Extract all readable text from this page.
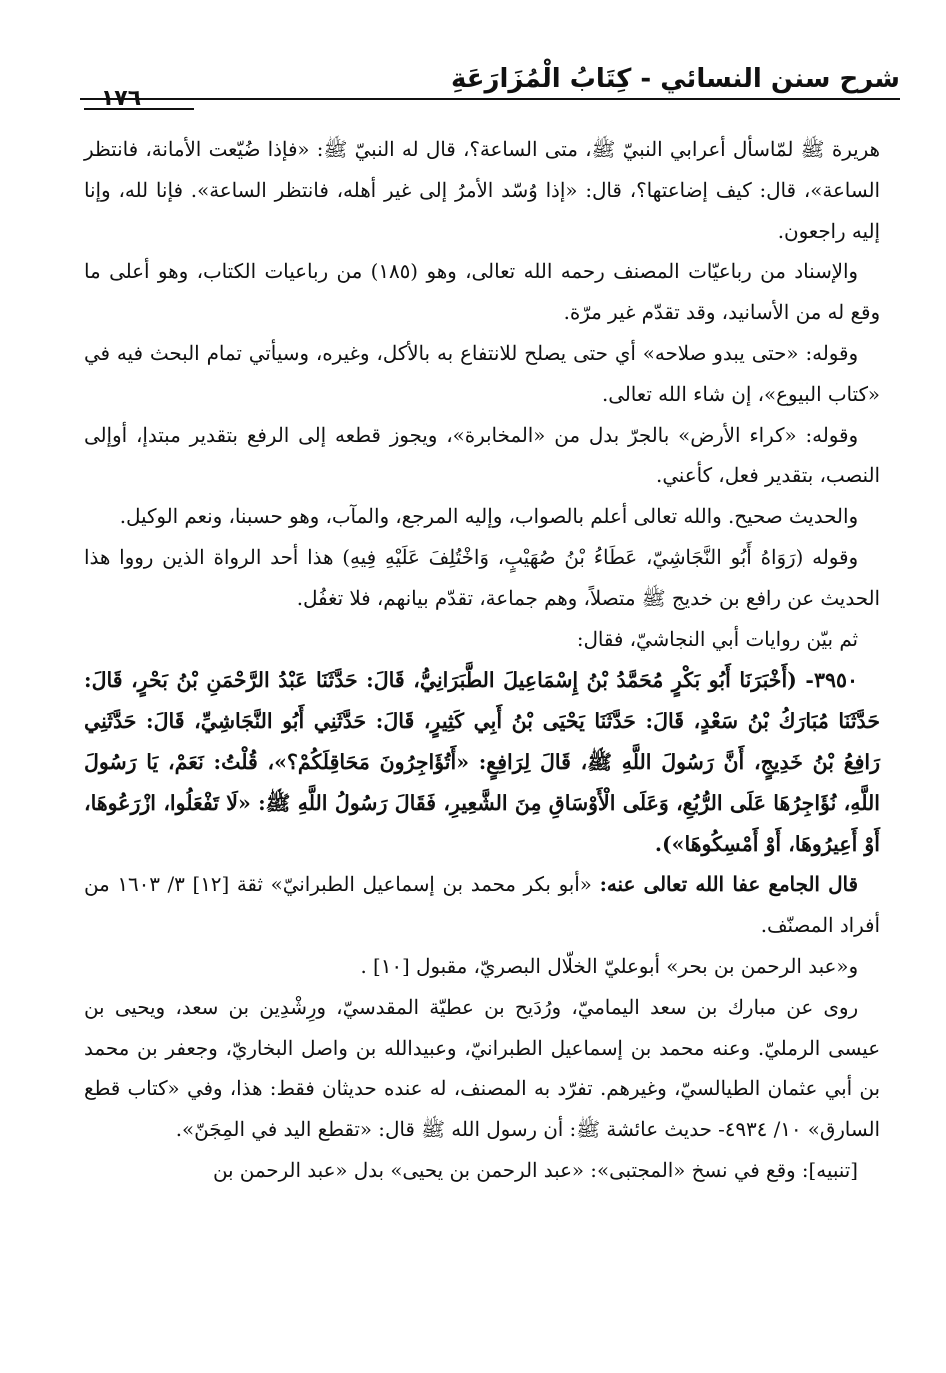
شرح سنن النسائي - كِتَابُ الْمُزَارَعَةِ
١٧٦

هريرة ﷺ لمّاسأل أعرابي النبيّ ﷺ، متى الساعة؟، قال له النبيّ ﷺ: «فإذا ضُيّعت الأمانة، فانتظر الساعة»، قال: كيف إضاعتها؟، قال: «إذا وُسّد الأمرُ إلى غير أهله، فانتظر الساعة». فإنا لله، وإنا إليه راجعون.

والإسناد من رباعيّات المصنف رحمه الله تعالى، وهو (١٨٥) من رباعيات الكتاب، وهو أعلى ما وقع له من الأسانيد، وقد تقدّم غير مرّة.

وقوله: «حتى يبدو صلاحه» أي حتى يصلح للانتفاع به بالأكل، وغيره، وسيأتي تمام البحث فيه في «كتاب البيوع»، إن شاء الله تعالى.

وقوله: «كراء الأرض» بالجرّ بدل من «المخابرة»، ويجوز قطعه إلى الرفع بتقدير مبتدإ، أوإلى النصب، بتقدير فعل، كأعني.

والحديث صحيح. والله تعالى أعلم بالصواب، وإليه المرجع، والمآب، وهو حسبنا، ونعم الوكيل.

وقوله (رَوَاهُ أَبُو النَّجَاشِيّ، عَطَاءُ بْنُ صُهَيْبٍ، وَاخْتُلِفَ عَلَيْهِ فِيهِ) هذا أحد الرواة الذين رووا هذا الحديث عن رافع بن خديج ﷺ متصلاً، وهم جماعة، تقدّم بيانهم، فلا تغفُل.

ثم بيّن روايات أبي النجاشيّ، فقال:

٣٩٥٠- (أَخْبَرَنَا أَبُو بَكْرٍ مُحَمَّدُ بْنُ إِسْمَاعِيلَ الطَّبَرَانِيُّ، قَالَ: حَدَّثَنَا عَبْدُ الرَّحْمَنِ بْنُ بَحْرٍ، قَالَ: حَدَّثَنَا مُبَارَكُ بْنُ سَعْدٍ، قَالَ: حَدَّثَنَا يَحْيَى بْنُ أَبِي كَثِيرٍ، قَالَ: حَدَّثَنِي أَبُو النَّجَاشِيِّ، قَالَ: حَدَّثَنِي رَافِعُ بْنُ خَدِيجٍ، أَنَّ رَسُولَ اللَّهِ ﷺ، قَالَ لِرَافِعٍ: «أَتُؤَاجِرُونَ مَحَاقِلَكُمْ؟»، قُلْتُ: نَعَمْ، يَا رَسُولَ اللَّهِ، نُؤَاجِرُهَا عَلَى الرُّبُعِ، وَعَلَى الْأَوْسَاقِ مِنَ الشَّعِيرِ، فَقَالَ رَسُولُ اللَّهِ ﷺ: «لَا تَفْعَلُوا، ازْرَعُوهَا، أَوْ أَعِيرُوهَا، أَوْ أَمْسِكُوهَا»).

قال الجامع عفا الله تعالى عنه: «أبو بكر محمد بن إسماعيل الطبرانيّ» ثقة [١٢] ٣/ ١٦٠٣ من أفراد المصنّف.

و«عبد الرحمن بن بحر» أبوعليّ الخلّال البصريّ، مقبول [١٠] .

روى عن مبارك بن سعد اليماميّ، ورُدَيح بن عطيّة المقدسيّ، ورِشْدِين بن سعد، ويحيى بن عيسى الرمليّ. وعنه محمد بن إسماعيل الطبرانيّ، وعبيدالله بن واصل البخاريّ، وجعفر بن محمد بن أبي عثمان الطيالسيّ، وغيرهم. تفرّد به المصنف، له عنده حديثان فقط: هذا، وفي «كتاب قطع السارق» ١٠/ ٤٩٣٤- حديث عائشة ﷺ: أن رسول الله ﷺ قال: «تقطع اليد في المِجَنّ».

[تنبيه]: وقع في نسخ «المجتبى»: «عبد الرحمن بن يحيى» بدل «عبد الرحمن بن
